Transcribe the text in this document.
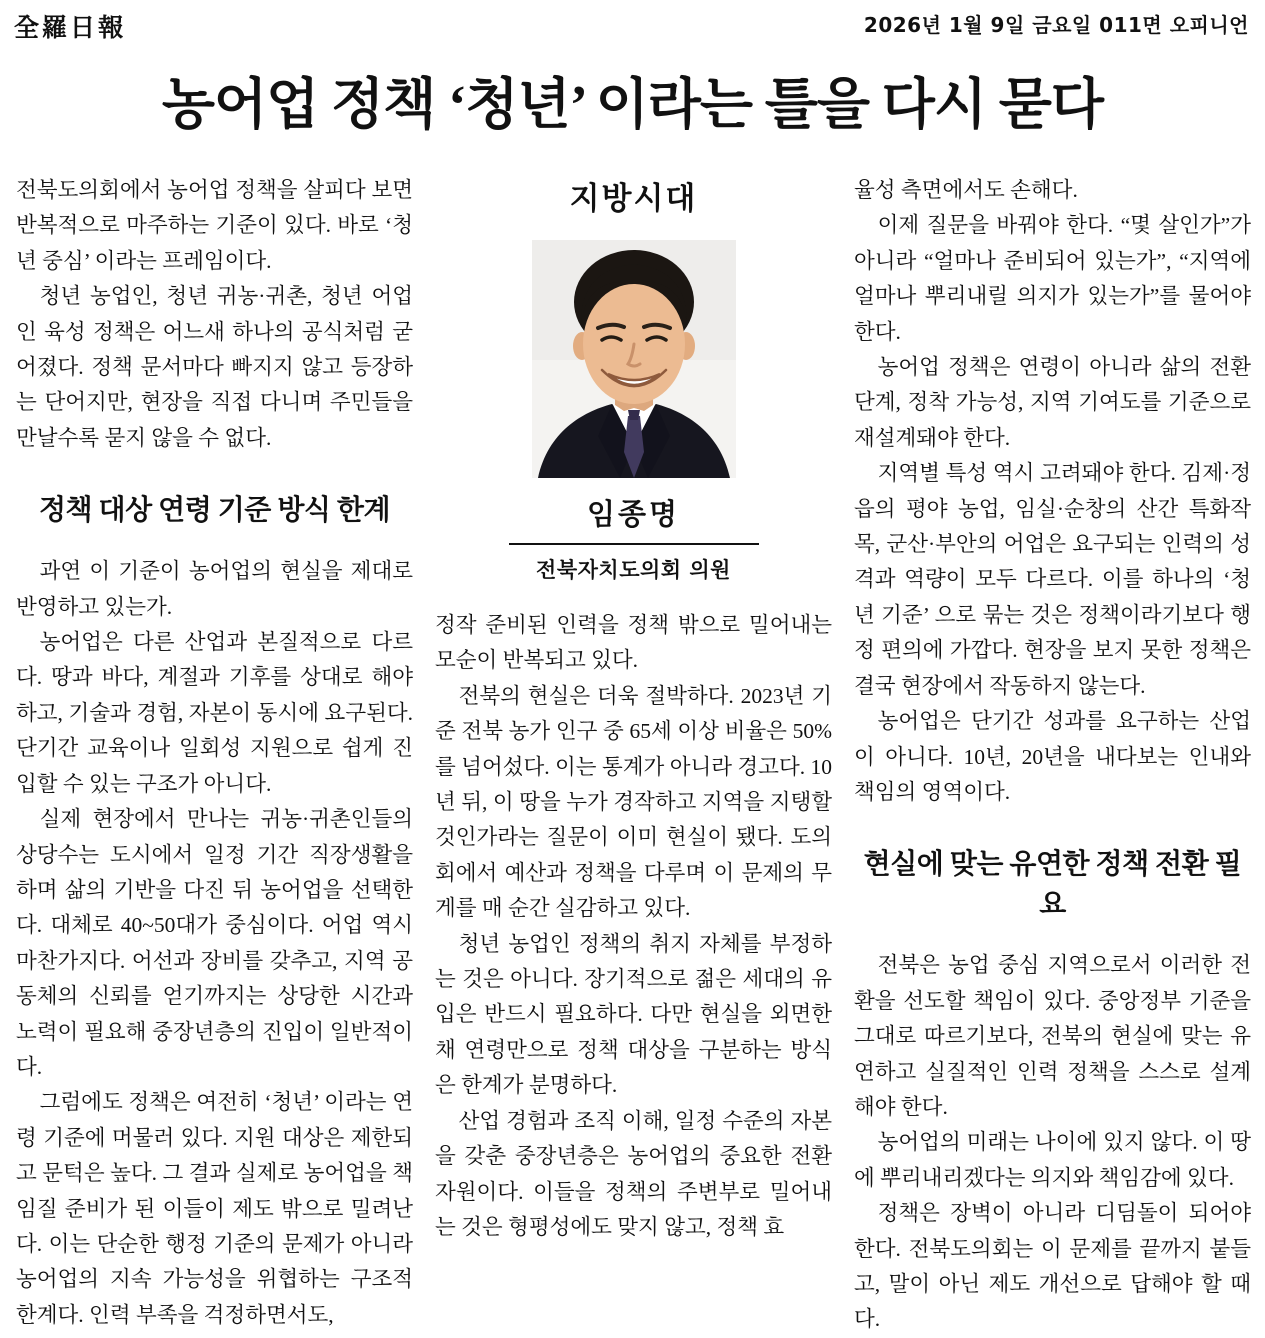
全羅日報	2026년 1월 9일 금요일 011면 오피니언
농어업 정책 ‘청년’ 이라는 틀을 다시 묻다

전북도의회에서 농어업 정책을 살피다 보면 반복적으로 마주하는 기준이 있다. 바로 ‘청년 중심’ 이라는 프레임이다.

청년 농업인, 청년 귀농·귀촌, 청년 어업인 육성 정책은 어느새 하나의 공식처럼 굳어졌다. 정책 문서마다 빠지지 않고 등장하는 단어지만, 현장을 직접 다니며 주민들을 만날수록 묻지 않을 수 없다.

정책 대상 연령 기준 방식 한계

과연 이 기준이 농어업의 현실을 제대로 반영하고 있는가.

농어업은 다른 산업과 본질적으로 다르다. 땅과 바다, 계절과 기후를 상대로 해야 하고, 기술과 경험, 자본이 동시에 요구된다. 단기간 교육이나 일회성 지원으로 쉽게 진입할 수 있는 구조가 아니다.

실제 현장에서 만나는 귀농·귀촌인들의 상당수는 도시에서 일정 기간 직장생활을 하며 삶의 기반을 다진 뒤 농어업을 선택한다. 대체로 40~50대가 중심이다. 어업 역시 마찬가지다. 어선과 장비를 갖추고, 지역 공동체의 신뢰를 얻기까지는 상당한 시간과 노력이 필요해 중장년층의 진입이 일반적이다.

그럼에도 정책은 여전히 ‘청년’ 이라는 연령 기준에 머물러 있다. 지원 대상은 제한되고 문턱은 높다. 그 결과 실제로 농어업을 책임질 준비가 된 이들이 제도 밖으로 밀려난다. 이는 단순한 행정 기준의 문제가 아니라 농어업의 지속 가능성을 위협하는 구조적 한계다. 인력 부족을 걱정하면서도,

지방시대
임종명
전북자치도의회 의원

정작 준비된 인력을 정책 밖으로 밀어내는 모순이 반복되고 있다.

전북의 현실은 더욱 절박하다. 2023년 기준 전북 농가 인구 중 65세 이상 비율은 50%를 넘어섰다. 이는 통계가 아니라 경고다. 10년 뒤, 이 땅을 누가 경작하고 지역을 지탱할 것인가라는 질문이 이미 현실이 됐다. 도의회에서 예산과 정책을 다루며 이 문제의 무게를 매 순간 실감하고 있다.

청년 농업인 정책의 취지 자체를 부정하는 것은 아니다. 장기적으로 젊은 세대의 유입은 반드시 필요하다. 다만 현실을 외면한 채 연령만으로 정책 대상을 구분하는 방식은 한계가 분명하다.

산업 경험과 조직 이해, 일정 수준의 자본을 갖춘 중장년층은 농어업의 중요한 전환 자원이다. 이들을 정책의 주변부로 밀어내는 것은 형평성에도 맞지 않고, 정책 효

율성 측면에서도 손해다.

이제 질문을 바꿔야 한다. “몇 살인가”가 아니라 “얼마나 준비되어 있는가”, “지역에 얼마나 뿌리내릴 의지가 있는가”를 물어야 한다.

농어업 정책은 연령이 아니라 삶의 전환 단계, 정착 가능성, 지역 기여도를 기준으로 재설계돼야 한다.

지역별 특성 역시 고려돼야 한다. 김제·정읍의 평야 농업, 임실·순창의 산간 특화작목, 군산·부안의 어업은 요구되는 인력의 성격과 역량이 모두 다르다. 이를 하나의 ‘청년 기준’ 으로 묶는 것은 정책이라기보다 행정 편의에 가깝다. 현장을 보지 못한 정책은 결국 현장에서 작동하지 않는다.

농어업은 단기간 성과를 요구하는 산업이 아니다. 10년, 20년을 내다보는 인내와 책임의 영역이다.

현실에 맞는 유연한 정책 전환 필요

전북은 농업 중심 지역으로서 이러한 전환을 선도할 책임이 있다. 중앙정부 기준을 그대로 따르기보다, 전북의 현실에 맞는 유연하고 실질적인 인력 정책을 스스로 설계해야 한다.

농어업의 미래는 나이에 있지 않다. 이 땅에 뿌리내리겠다는 의지와 책임감에 있다.

정책은 장벽이 아니라 디딤돌이 되어야 한다. 전북도의회는 이 문제를 끝까지 붙들고, 말이 아닌 제도 개선으로 답해야 할 때다.
